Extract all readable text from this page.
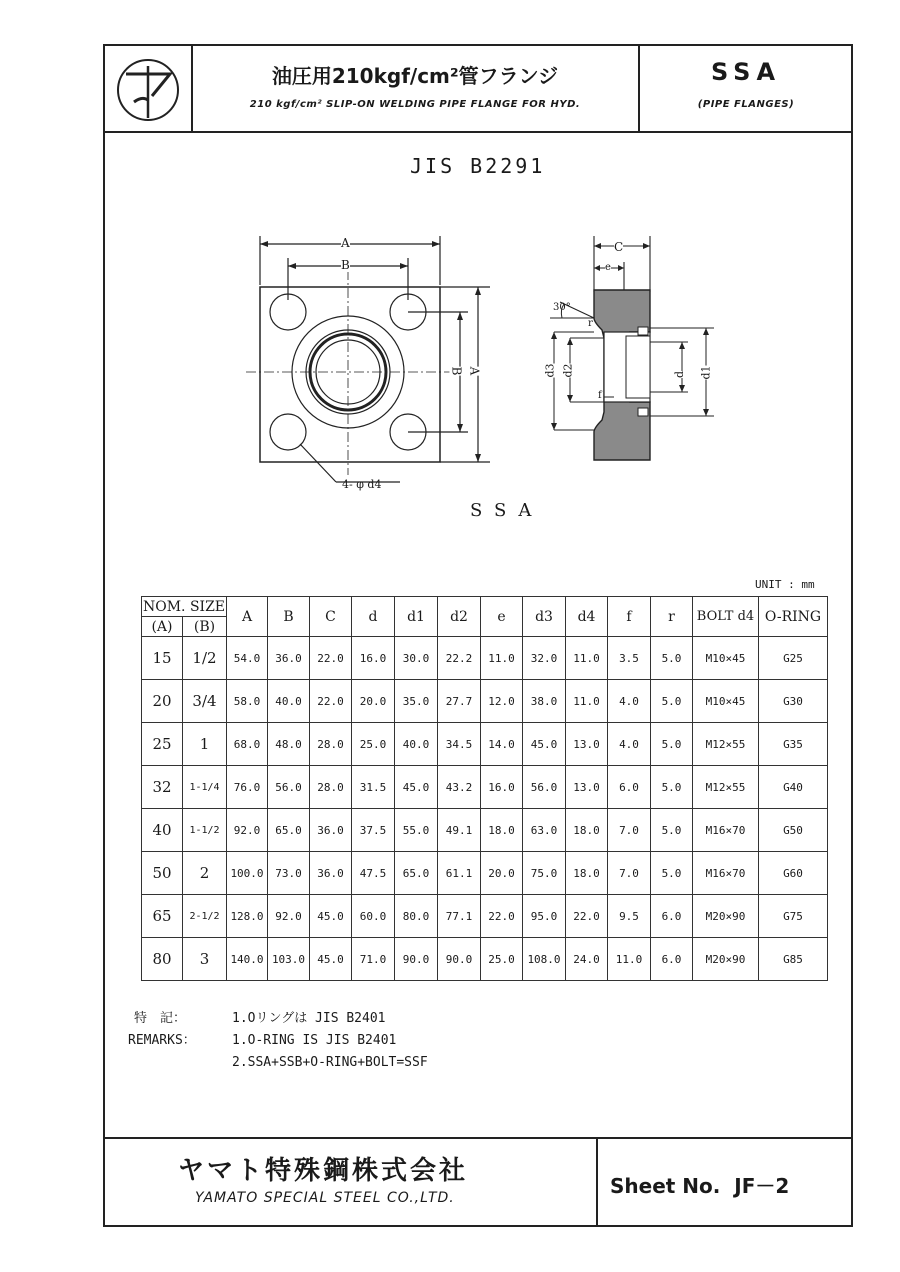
油圧用210kgf/cm²管フランジ
210 kgf/cm² SLIP-ON WELDING PIPE FLANGE FOR HYD.
SSA
(PIPE FLANGES)
JIS B2291
A
B
A
B
4- φ d4
C
e
30°
r
d3 d2
f
d d1
SSA
UNIT : mm
NOM. SIZE		A	B	C	d	d1	d2	e	d3	d4	f	r	BOLT d4	O-RING
(A)	(B)													
15	1/2	54.0	36.0	22.0	16.0	30.0	22.2	11.0	32.0	11.0	3.5	5.0	M10×45	G25
20	3/4	58.0	40.0	22.0	20.0	35.0	27.7	12.0	38.0	11.0	4.0	5.0	M10×45	G30
25	1	68.0	48.0	28.0	25.0	40.0	34.5	14.0	45.0	13.0	4.0	5.0	M12×55	G35
32	1-1/4	76.0	56.0	28.0	31.5	45.0	43.2	16.0	56.0	13.0	6.0	5.0	M12×55	G40
40	1-1/2	92.0	65.0	36.0	37.5	55.0	49.1	18.0	63.0	18.0	7.0	5.0	M16×70	G50
50	2	100.0	73.0	36.0	47.5	65.0	61.1	20.0	75.0	18.0	7.0	5.0	M16×70	G60
65	2-1/2	128.0	92.0	45.0	60.0	80.0	77.1	22.0	95.0	22.0	9.5	6.0	M20×90	G75
80	3	140.0	103.0	45.0	71.0	90.0	90.0	25.0	108.0	24.0	11.0	6.0	M20×90	G85
特　記：	1.Oリングは JIS B2401
REMARKS：	1.O-RING IS JIS B2401
2.SSA+SSB+O-RING+BOLT=SSF
ヤマト特殊鋼株式会社
YAMATO SPECIAL STEEL CO.,LTD.	Sheet No.  JF－2
